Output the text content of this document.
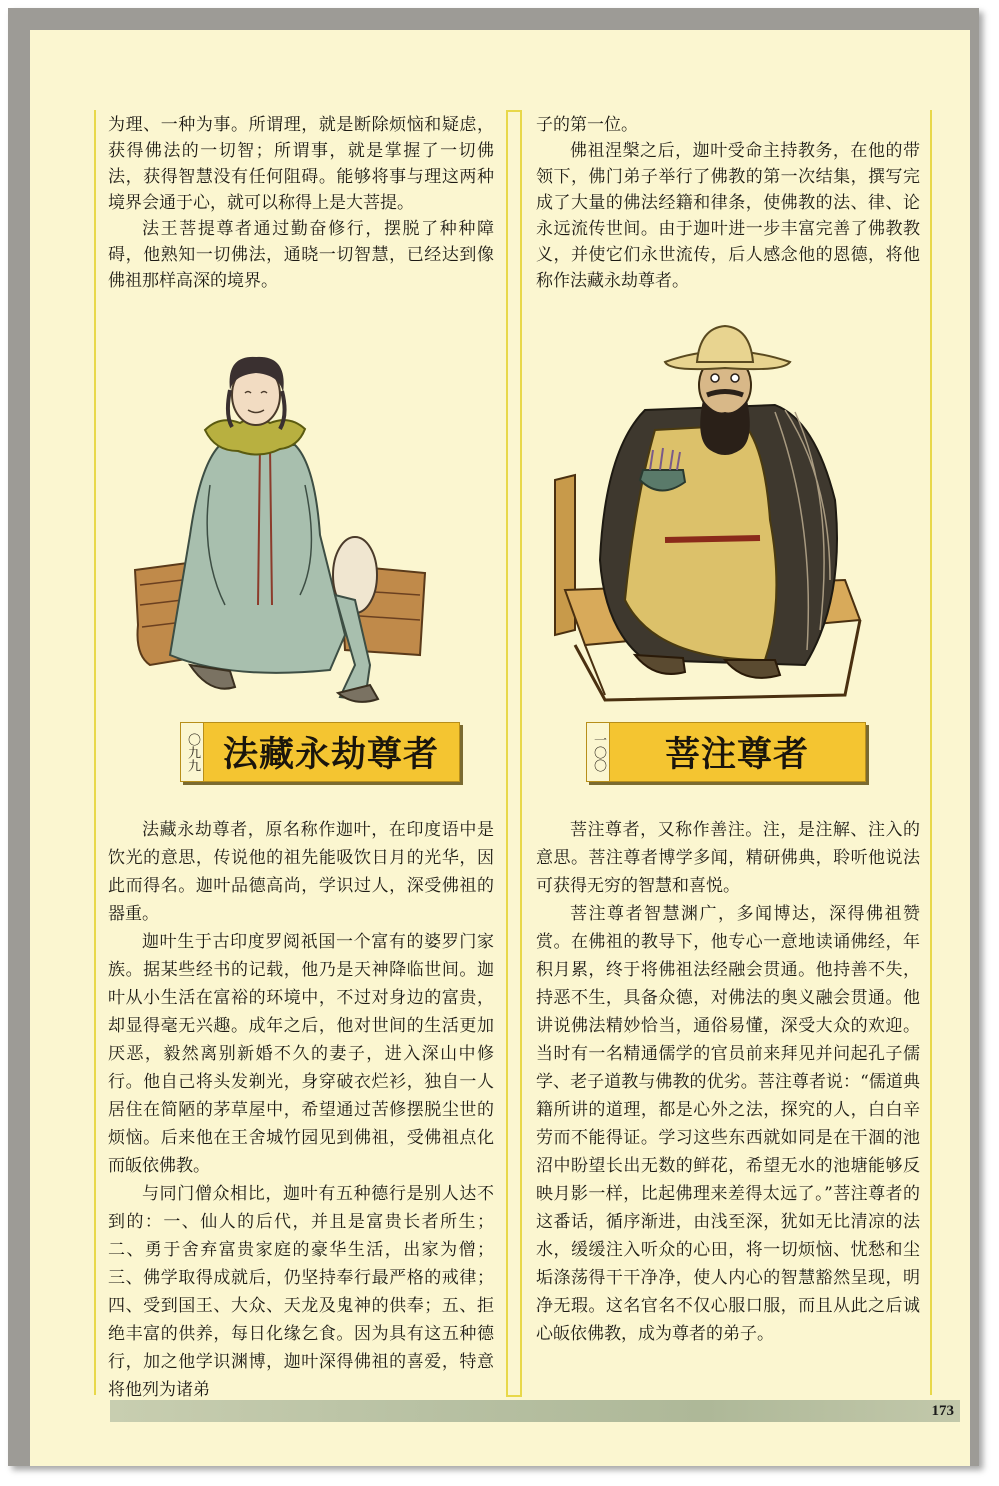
为理、一种为事。所谓理，就是断除烦恼和疑虑，获得佛法的一切智；所谓事，就是掌握了一切佛法，获得智慧没有任何阻碍。能够将事与理这两种境界会通于心，就可以称得上是大菩提。

法王菩提尊者通过勤奋修行，摆脱了种种障碍，他熟知一切佛法，通晓一切智慧，已经达到像佛祖那样高深的境界。

子的第一位。

佛祖涅槃之后，迦叶受命主持教务，在他的带领下，佛门弟子举行了佛教的第一次结集，撰写完成了大量的佛法经籍和律条，使佛教的法、律、论永远流传世间。由于迦叶进一步丰富完善了佛教教义，并使它们永世流传，后人感念他的恩德，将他称作法藏永劫尊者。

〇九九 法藏永劫尊者	一〇〇	菩注尊者

法藏永劫尊者，原名称作迦叶，在印度语中是饮光的意思，传说他的祖先能吸饮日月的光华，因此而得名。迦叶品德高尚，学识过人，深受佛祖的器重。

迦叶生于古印度罗阅祇国一个富有的婆罗门家族。据某些经书的记载，他乃是天神降临世间。迦叶从小生活在富裕的环境中，不过对身边的富贵，却显得毫无兴趣。成年之后，他对世间的生活更加厌恶，毅然离别新婚不久的妻子，进入深山中修行。他自己将头发剃光，身穿破衣烂衫，独自一人居住在简陋的茅草屋中，希望通过苦修摆脱尘世的烦恼。后来他在王舍城竹园见到佛祖，受佛祖点化而皈依佛教。

与同门僧众相比，迦叶有五种德行是别人达不到的：一、仙人的后代，并且是富贵长者所生；二、勇于舍弃富贵家庭的豪华生活，出家为僧；三、佛学取得成就后，仍坚持奉行最严格的戒律；四、受到国王、大众、天龙及鬼神的供奉；五、拒绝丰富的供养，每日化缘乞食。因为具有这五种德行，加之他学识渊博，迦叶深得佛祖的喜爱，特意将他列为诸弟

菩注尊者，又称作善注。注，是注解、注入的意思。菩注尊者博学多闻，精研佛典，聆听他说法可获得无穷的智慧和喜悦。

菩注尊者智慧渊广，多闻博达，深得佛祖赞赏。在佛祖的教导下，他专心一意地读诵佛经，年积月累，终于将佛祖法经融会贯通。他持善不失，持恶不生，具备众德，对佛法的奥义融会贯通。他讲说佛法精妙恰当，通俗易懂，深受大众的欢迎。当时有一名精通儒学的官员前来拜见并问起孔子儒学、老子道教与佛教的优劣。菩注尊者说：“儒道典籍所讲的道理，都是心外之法，探究的人，白白辛劳而不能得证。学习这些东西就如同是在干涸的池沼中盼望长出无数的鲜花，希望无水的池塘能够反映月影一样，比起佛理来差得太远了。”菩注尊者的这番话，循序渐进，由浅至深，犹如无比清凉的法水，缓缓注入听众的心田，将一切烦恼、忧愁和尘垢涤荡得干干净净，使人内心的智慧豁然呈现，明净无瑕。这名官名不仅心服口服，而且从此之后诚心皈依佛教，成为尊者的弟子。

173
